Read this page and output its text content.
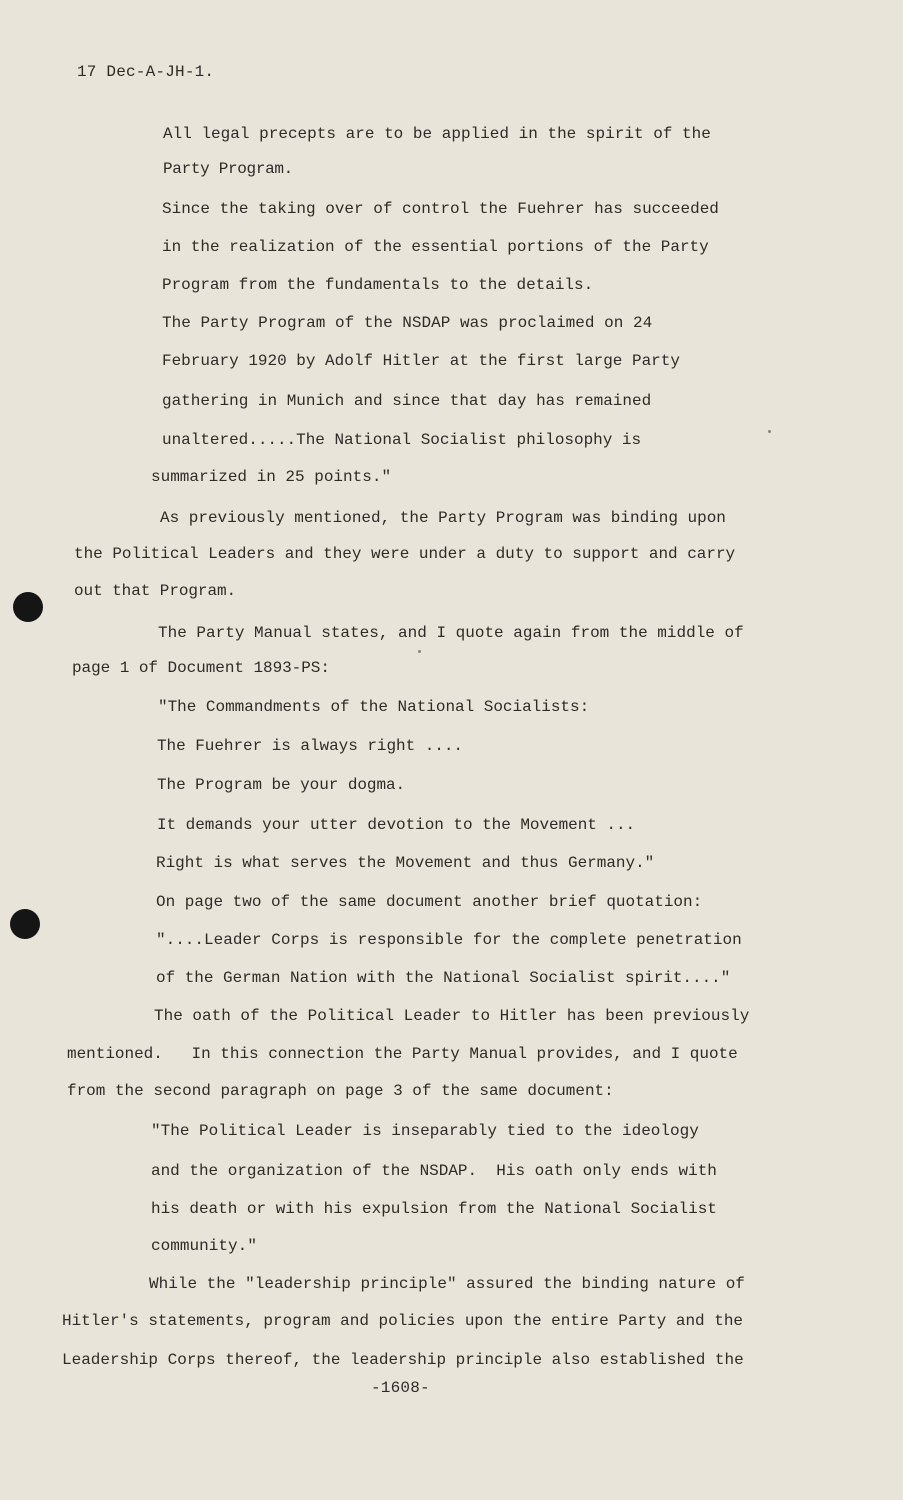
17 Dec-A-JH-1.
All legal precepts are to be applied in the spirit of the
Party Program.
Since the taking over of control the Fuehrer has succeeded
in the realization of the essential portions of the Party
Program from the fundamentals to the details.
The Party Program of the NSDAP was proclaimed on 24
February 1920 by Adolf Hitler at the first large Party
gathering in Munich and since that day has remained
unaltered.....The National Socialist philosophy is
summarized in 25 points."
As previously mentioned, the Party Program was binding upon
the Political Leaders and they were under a duty to support and carry
out that Program.
The Party Manual states, and I quote again from the middle of
page 1 of Document 1893-PS:
"The Commandments of the National Socialists:
The Fuehrer is always right ....
The Program be your dogma.
It demands your utter devotion to the Movement ...
Right is what serves the Movement and thus Germany."
On page two of the same document another brief quotation:
"....Leader Corps is responsible for the complete penetration
of the German Nation with the National Socialist spirit...."
The oath of the Political Leader to Hitler has been previously
mentioned.   In this connection the Party Manual provides, and I quote
from the second paragraph on page 3 of the same document:
"The Political Leader is inseparably tied to the ideology
and the organization of the NSDAP.  His oath only ends with
his death or with his expulsion from the National Socialist
community."
While the "leadership principle" assured the binding nature of
Hitler's statements, program and policies upon the entire Party and the
Leadership Corps thereof, the leadership principle also established the
-1608-
